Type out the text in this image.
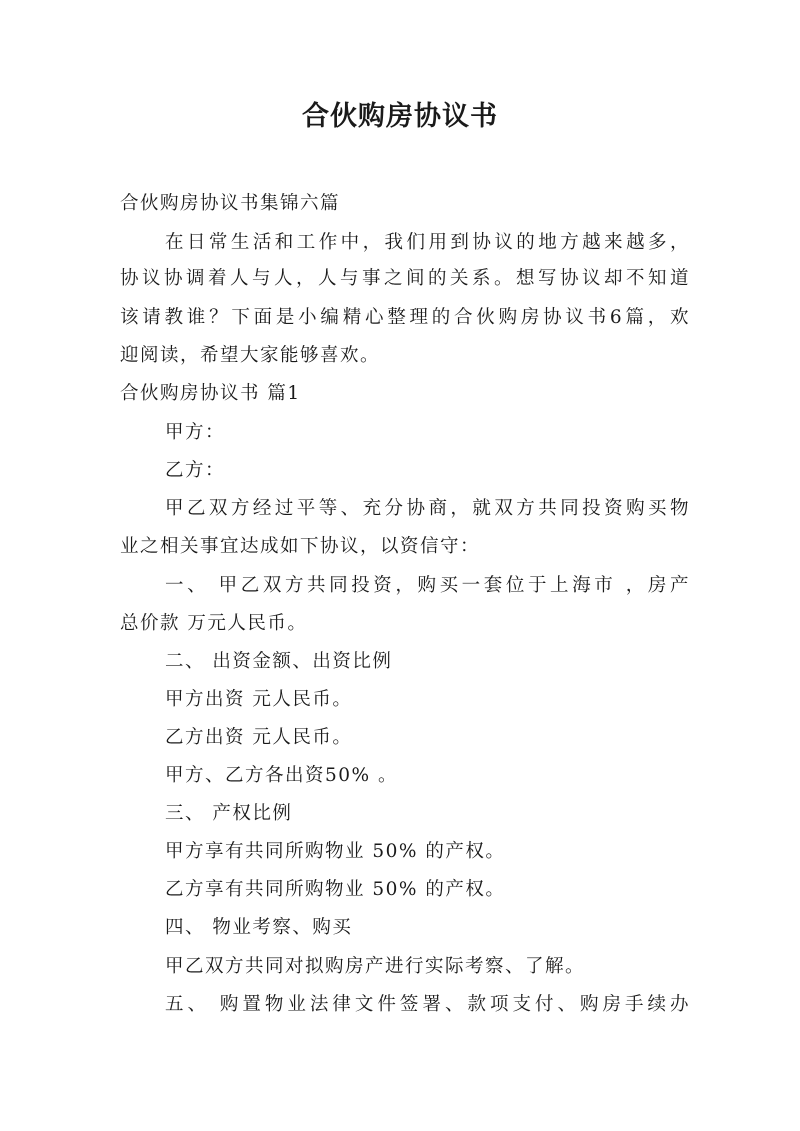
合伙购房协议书
合伙购房协议书集锦六篇
在日常生活和工作中，我们用到协议的地方越来越多，
协议协调着人与人，人与事之间的关系。想写协议却不知道
该请教谁？下面是小编精心整理的合伙购房协议书6篇，欢
迎阅读，希望大家能够喜欢。
合伙购房协议书 篇1
甲方：
乙方：
甲乙双方经过平等、充分协商，就双方共同投资购买物
业之相关事宜达成如下协议，以资信守：
一、 甲乙双方共同投资，购买一套位于上海市 ，房产
总价款 万元人民币。
二、 出资金额、出资比例
甲方出资 元人民币。
乙方出资 元人民币。
甲方、乙方各出资50% 。
三、 产权比例
甲方享有共同所购物业 50% 的产权。
乙方享有共同所购物业 50% 的产权。
四、 物业考察、购买
甲乙双方共同对拟购房产进行实际考察、了解。
五、 购置物业法律文件签署、款项支付、购房手续办
